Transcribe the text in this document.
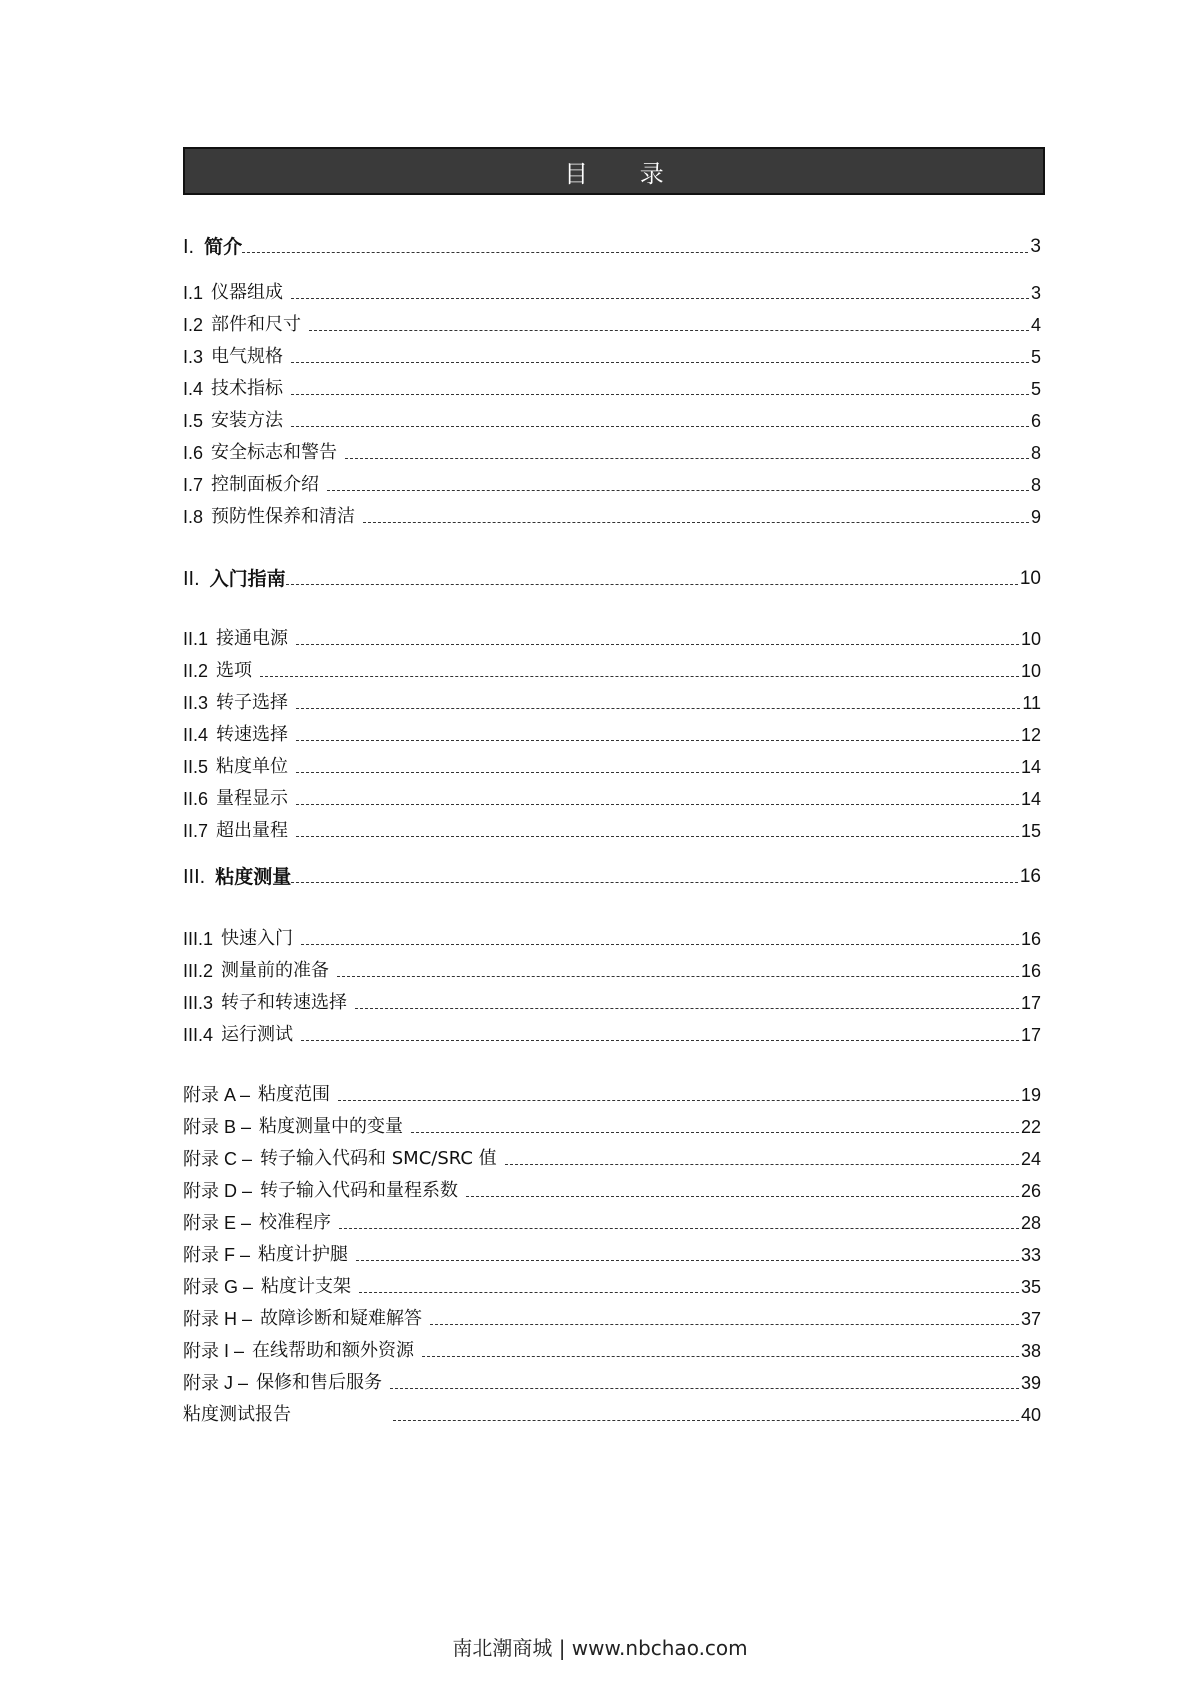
目 录
I. 简介	3
I.1 仪器组成	3
I.2 部件和尺寸	4
I.3 电气规格	5
I.4 技术指标	5
I.5 安装方法	6
I.6 安全标志和警告	8
I.7 控制面板介绍	8
I.8 预防性保养和清洁	9
II. 入门指南	10
II.1 接通电源	10
II.2 选项	10
II.3 转子选择	11
II.4 转速选择	12
II.5 粘度单位	14
II.6 量程显示	14
II.7 超出量程	15
III. 粘度测量	16
III.1 快速入门	16
III.2 测量前的准备	16
III.3 转子和转速选择	17
III.4 运行测试	17
附录 A – 粘度范围	19
附录 B – 粘度测量中的变量	22
附录 C – 转子输入代码和 SMC/SRC 值	24
附录 D – 转子输入代码和量程系数	26
附录 E – 校准程序	28
附录 F – 粘度计护腿	33
附录 G – 粘度计支架	35
附录 H – 故障诊断和疑难解答	37
附录 I – 在线帮助和额外资源	38
附录 J – 保修和售后服务	39
粘度测试报告	40
南北潮商城 | www.nbchao.com
